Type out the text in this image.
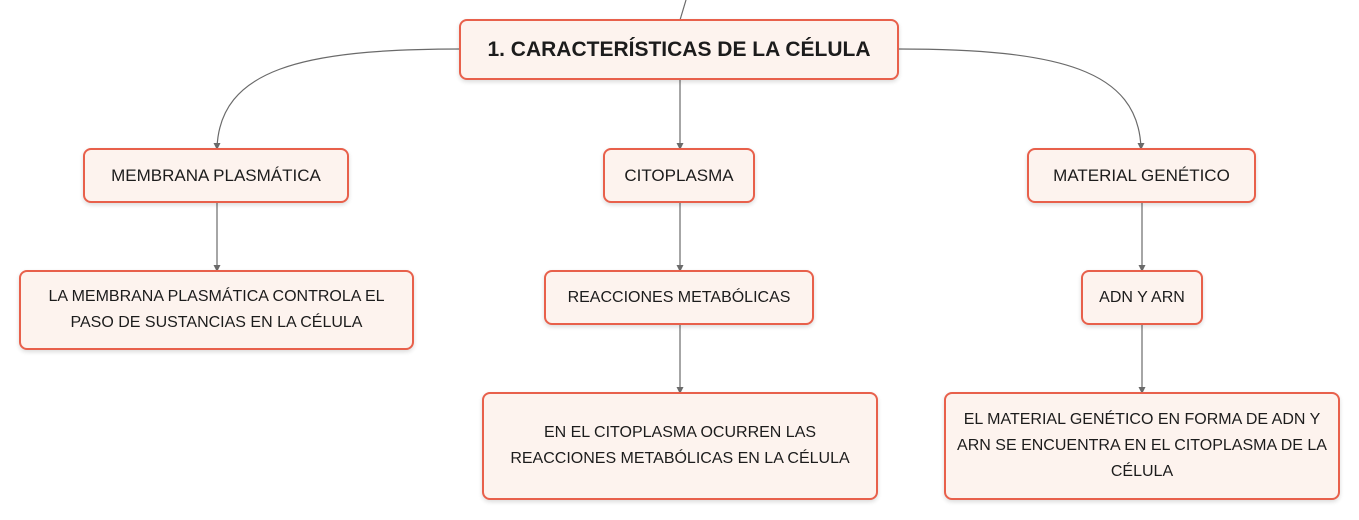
1. CARACTERÍSTICAS DE LA CÉLULA
MEMBRANA PLASMÁTICA	CITOPLASMA	MATERIAL GENÉTICO
LA MEMBRANA PLASMÁTICA CONTROLA EL PASO DE SUSTANCIAS EN LA CÉLULA
REACCIONES METABÓLICAS
EN EL CITOPLASMA OCURREN LAS REACCIONES METABÓLICAS EN LA CÉLULA
ADN Y ARN
EL MATERIAL GENÉTICO EN FORMA DE ADN Y ARN SE ENCUENTRA EN EL CITOPLASMA DE LA CÉLULA
